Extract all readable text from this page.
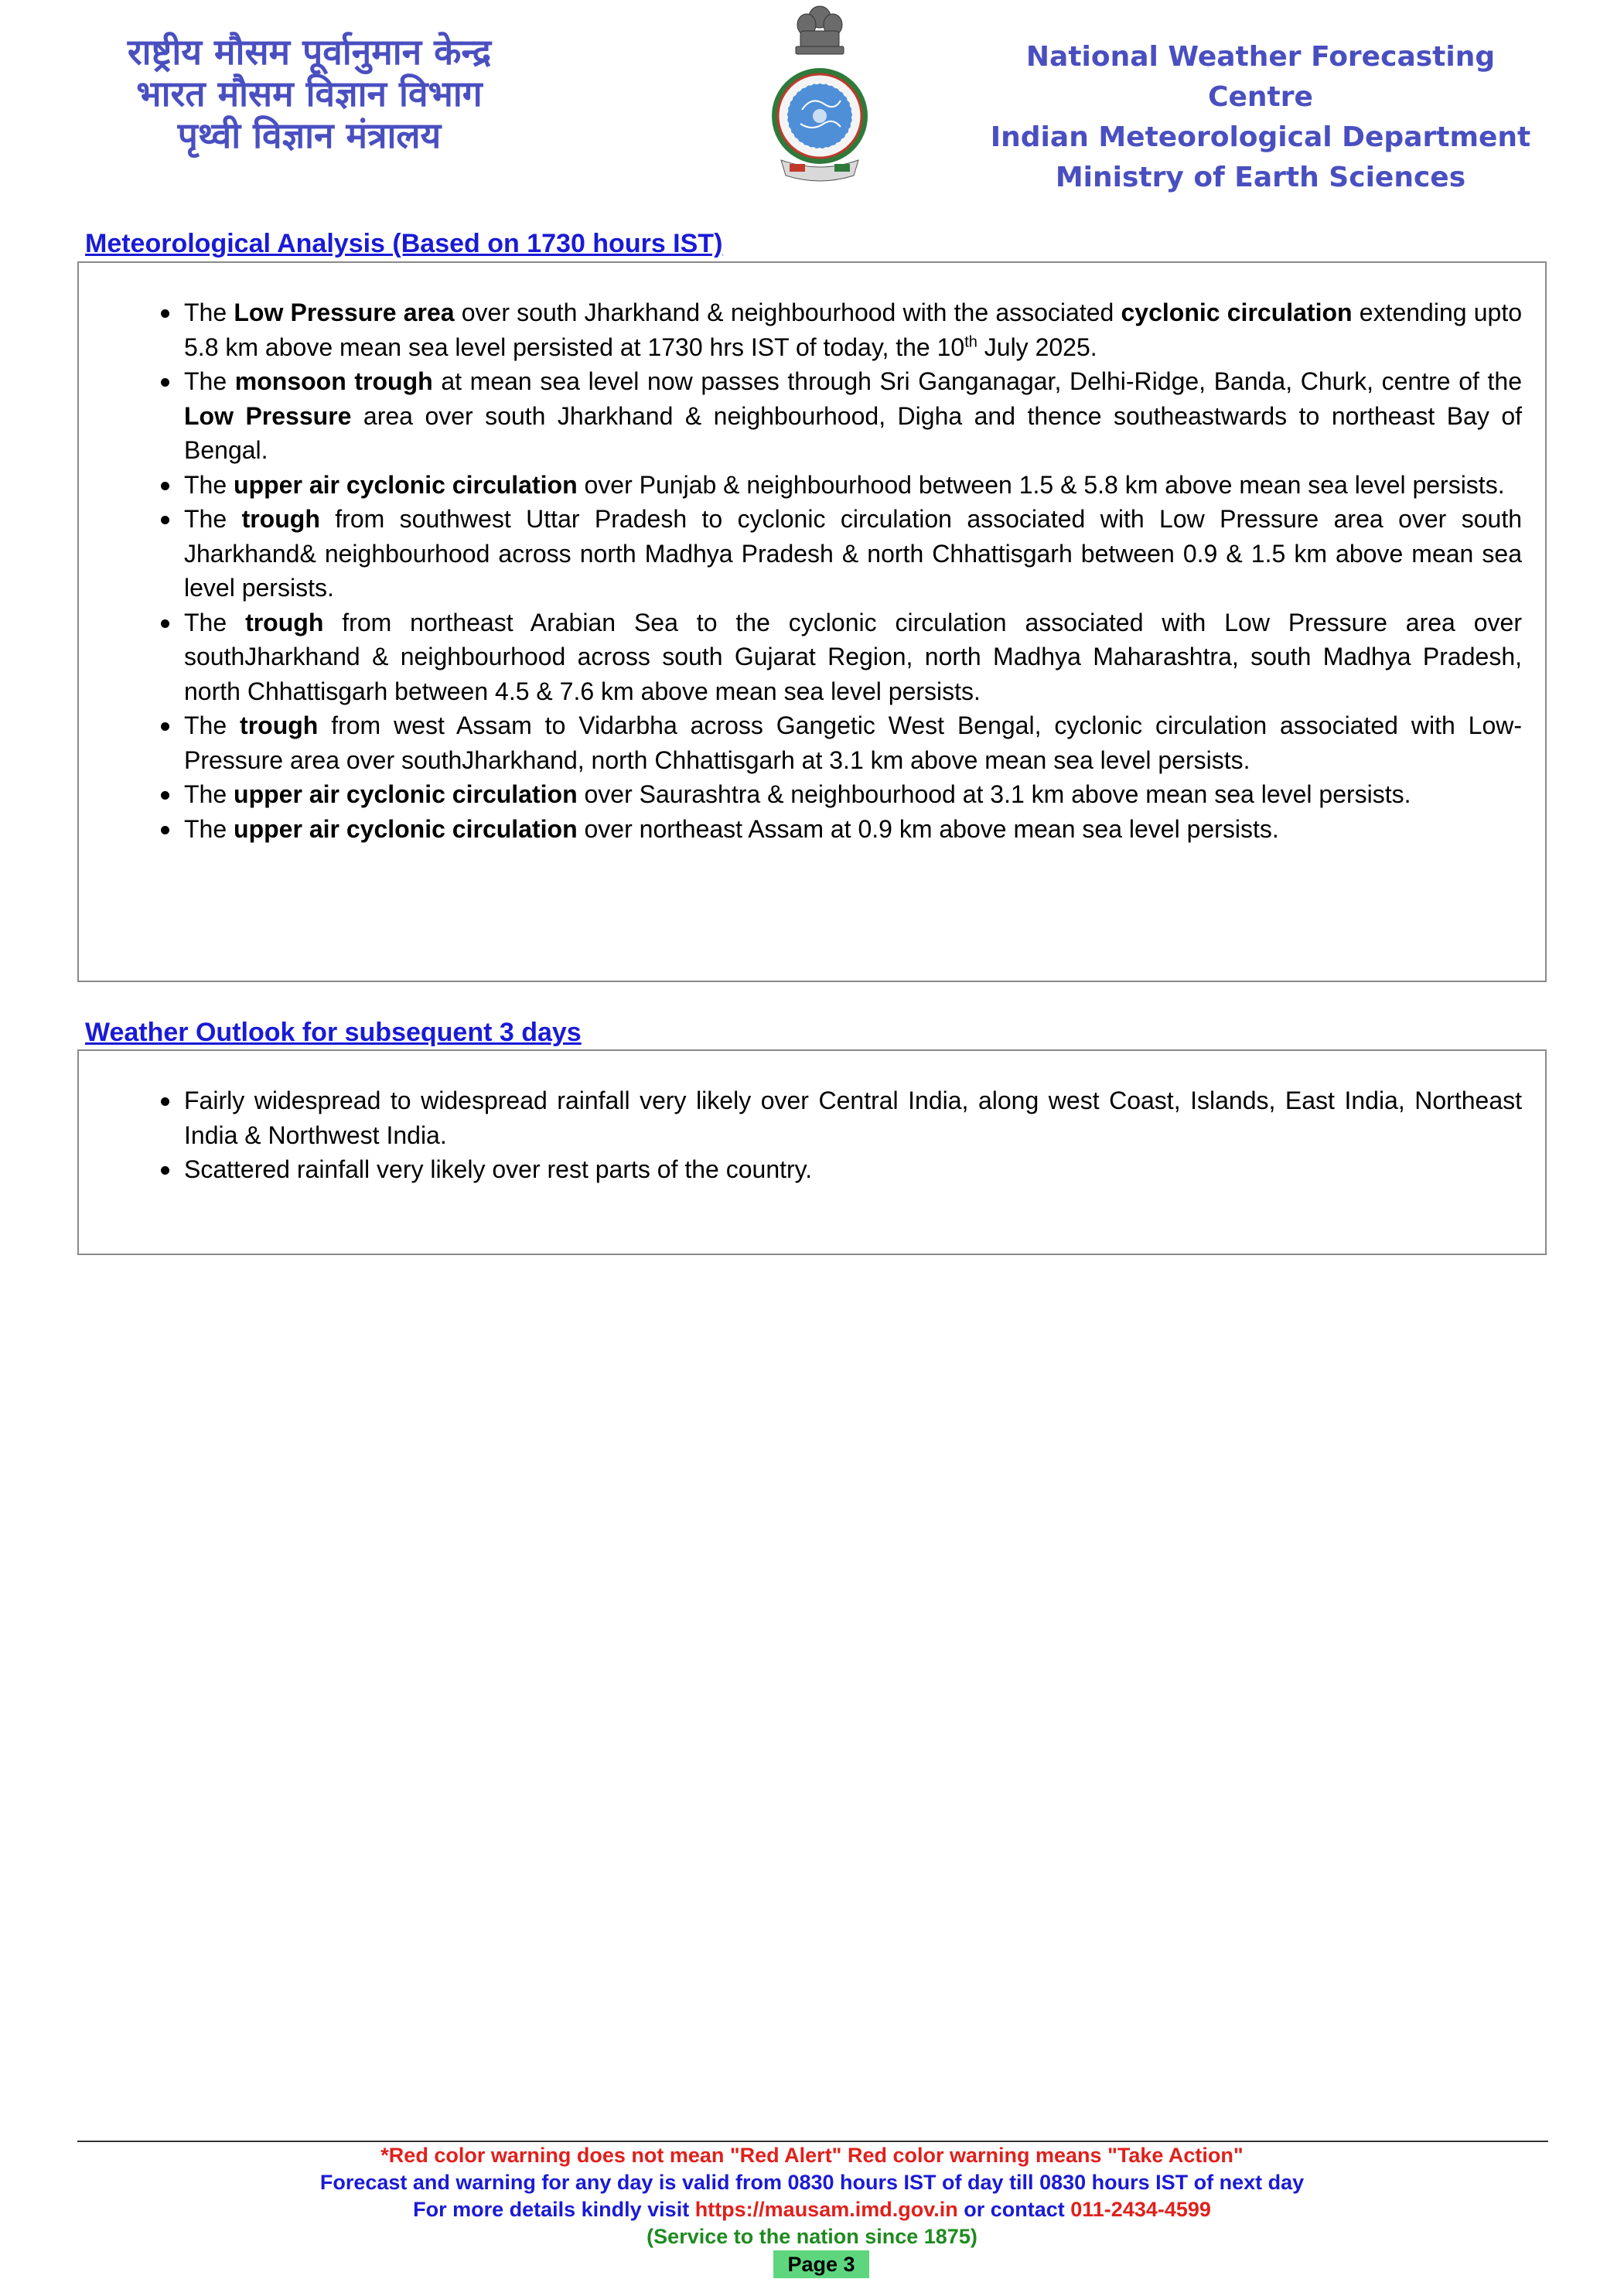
राष्ट्रीय मौसम पूर्वानुमान केन्द्र
भारत मौसम विज्ञान विभाग
पृथ्वी विज्ञान मंत्रालय
National Weather Forecasting Centre
Indian Meteorological Department
Ministry of Earth Sciences
Meteorological Analysis (Based on 1730 hours IST)
The Low Pressure area over south Jharkhand & neighbourhood with the associated cyclonic circulation extending upto 5.8 km above mean sea level persisted at 1730 hrs IST of today, the 10th July 2025.
The monsoon trough at mean sea level now passes through Sri Ganganagar, Delhi-Ridge, Banda, Churk, centre of the Low Pressure area over south Jharkhand & neighbourhood, Digha and thence southeastwards to northeast Bay of Bengal.
The upper air cyclonic circulation over Punjab & neighbourhood between 1.5 & 5.8 km above mean sea level persists.
The trough from southwest Uttar Pradesh to cyclonic circulation associated with Low Pressure area over south Jharkhand& neighbourhood across north Madhya Pradesh & north Chhattisgarh between 0.9 & 1.5 km above mean sea level persists.
The trough from northeast Arabian Sea to the cyclonic circulation associated with Low Pressure area over southJharkhand & neighbourhood across south Gujarat Region, north Madhya Maharashtra, south Madhya Pradesh, north Chhattisgarh between 4.5 & 7.6 km above mean sea level persists.
The trough from west Assam to Vidarbha across Gangetic West Bengal, cyclonic circulation associated with Low-Pressure area over southJharkhand, north Chhattisgarh at 3.1 km above mean sea level persists.
The upper air cyclonic circulation over Saurashtra & neighbourhood at 3.1 km above mean sea level persists.
The upper air cyclonic circulation over northeast Assam at 0.9 km above mean sea level persists.
Weather Outlook for subsequent 3 days
Fairly widespread to widespread rainfall very likely over Central India, along west Coast, Islands, East India, Northeast India & Northwest India.
Scattered rainfall very likely over rest parts of the country.
*Red color warning does not mean "Red Alert" Red color warning means "Take Action"
Forecast and warning for any day is valid from 0830 hours IST of day till 0830 hours IST of next day
For more details kindly visit https://mausam.imd.gov.in or contact 011-2434-4599
(Service to the nation since 1875)
Page 3
